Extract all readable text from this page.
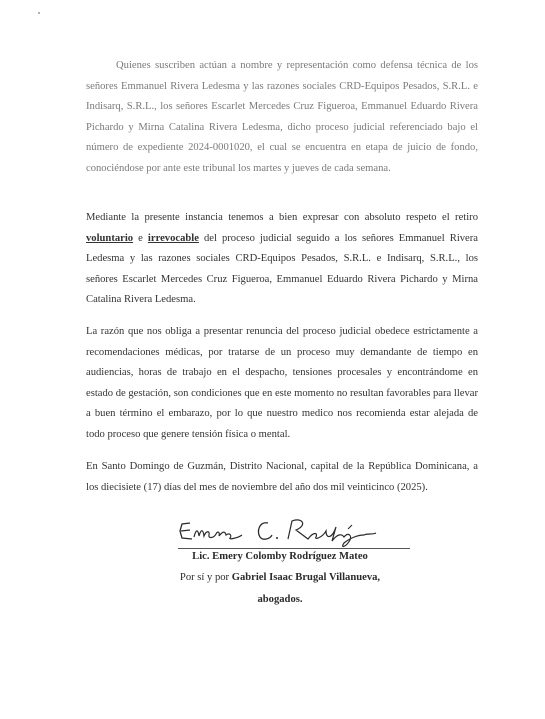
Quienes suscriben actúan a nombre y representación como defensa técnica de los señores Emmanuel Rivera Ledesma y las razones sociales CRD-Equipos Pesados, S.R.L. e Indisarq, S.R.L., los señores Escarlet Mercedes Cruz Figueroa, Emmanuel Eduardo Rivera Pichardo y Mirna Catalina Rivera Ledesma, dicho proceso judicial referenciado bajo el número de expediente 2024-0001020, el cual se encuentra en etapa de juicio de fondo, conociéndose por ante este tribunal los martes y jueves de cada semana.

Mediante la presente instancia tenemos a bien expresar con absoluto respeto el retiro voluntario e irrevocable del proceso judicial seguido a los señores Emmanuel Rivera Ledesma y las razones sociales CRD-Equipos Pesados, S.R.L. e Indisarq, S.R.L., los señores Escarlet Mercedes Cruz Figueroa, Emmanuel Eduardo Rivera Pichardo y Mirna Catalina Rivera Ledesma.

La razón que nos obliga a presentar renuncia del proceso judicial obedece estrictamente a recomendaciones médicas, por tratarse de un proceso muy demandante de tiempo en audiencias, horas de trabajo en el despacho, tensiones procesales y encontrándome en estado de gestación, son condiciones que en este momento no resultan favorables para llevar a buen término el embarazo, por lo que nuestro medico nos recomienda estar alejada de todo proceso que genere tensión física o mental.

En Santo Domingo de Guzmán, Distrito Nacional, capital de la República Dominicana, a los diecisiete (17) días del mes de noviembre del año dos mil veinticinco (2025).

Lic. Emery Colomby Rodríguez Mateo

Por sí y por Gabriel Isaac Brugal Villanueva,

abogados.
